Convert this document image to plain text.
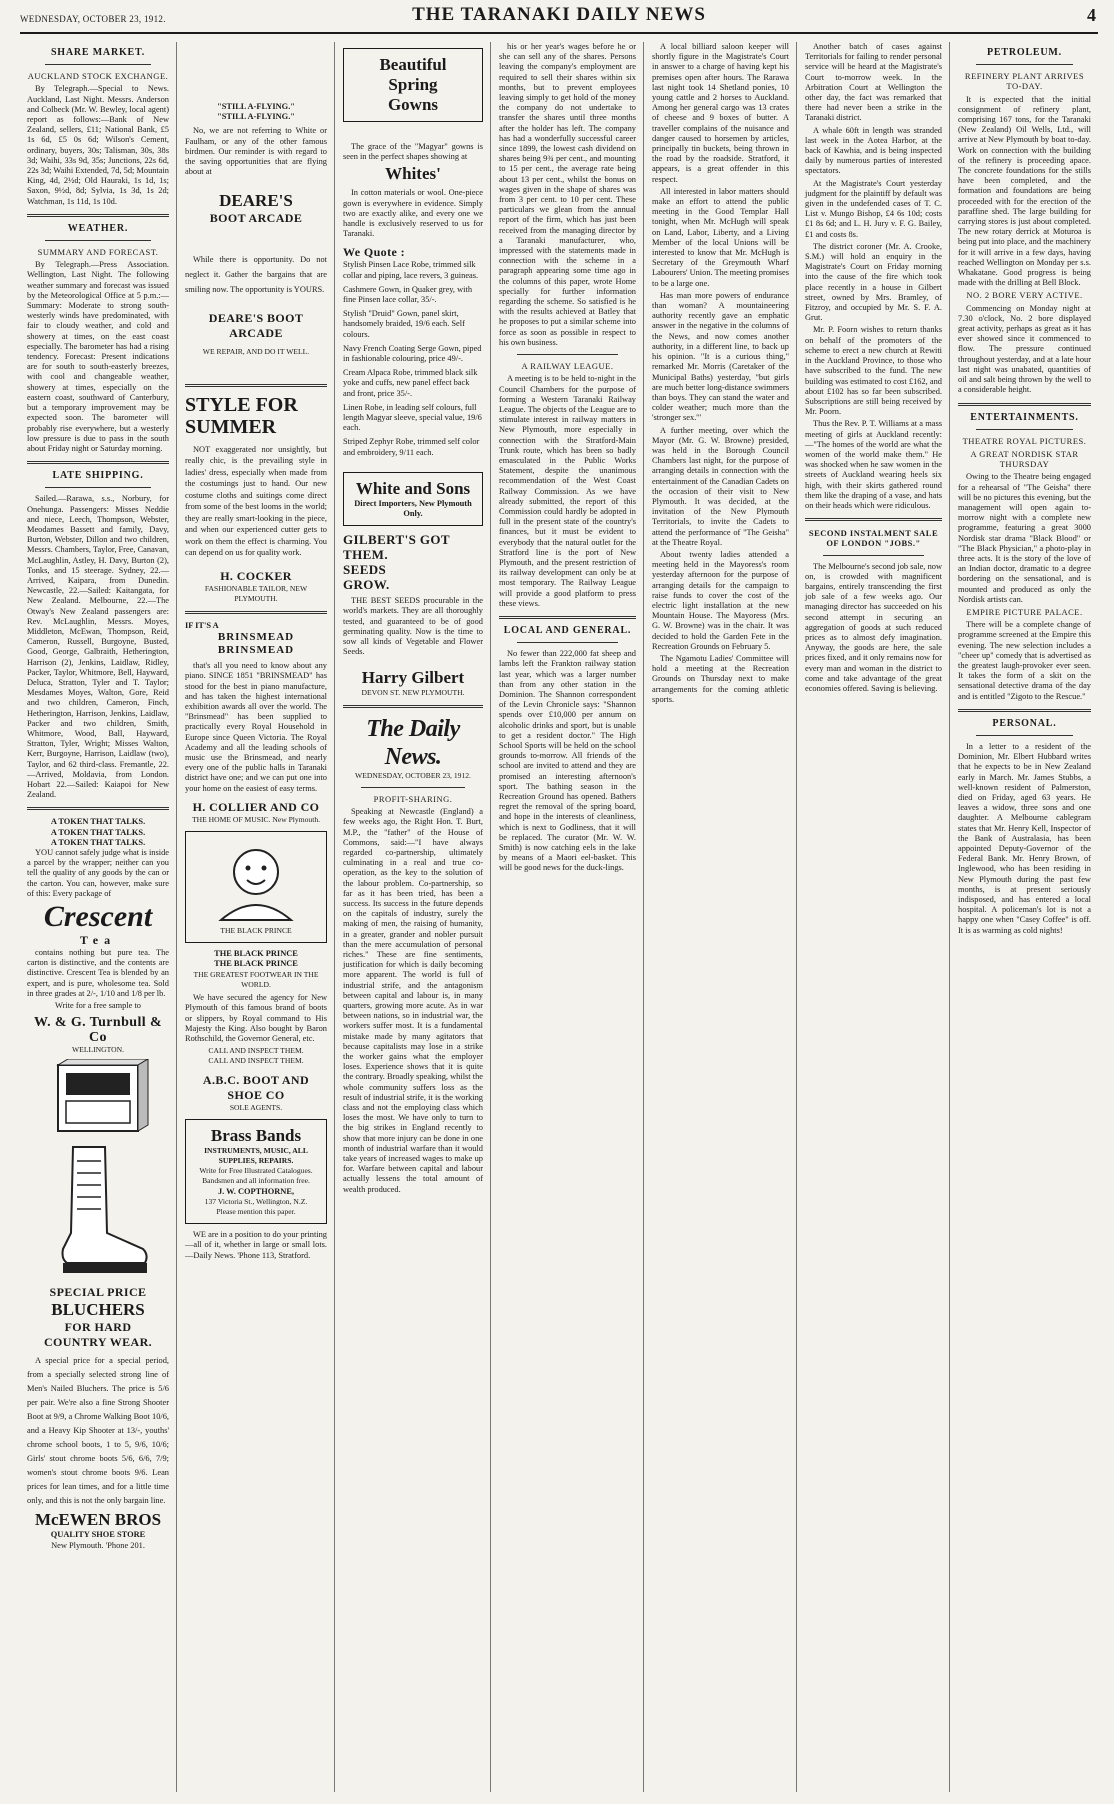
WEDNESDAY, OCTOBER 23, 1912.	THE TARANAKI DAILY NEWS	4
SHARE MARKET.
AUCKLAND STOCK EXCHANGE.

By Telegraph.—Special to News. Auckland, Last Night. Messrs. Anderson and Colbeck (Mr. W. Bewley, local agent) report as follows:—Bank of New Zealand, sellers, £11; National Bank, £5 1s 6d, £5 0s 6d; Wilson's Cement, ordinary, buyers, 30s; Talisman, 30s, 38s 3d; Waihi, 33s 9d, 35s; Junctions, 22s 6d, 22s 3d; Waihi Extended, 7d, 5d; Mountain King, 4d, 2½d; Old Hauraki, 1s 1d, 1s; Saxon, 9½d, 8d; Sylvia, 1s 3d, 1s 2d; Watchman, 1s 11d, 1s 10d.

WEATHER.
SUMMARY AND FORECAST.

By Telegraph.—Press Association. Wellington, Last Night. The following weather summary and forecast was issued by the Meteorological Office at 5 p.m.:—Summary: Moderate to strong south-westerly winds have predominated, with fair to cloudy weather, and cold and showery at times, on the east coast especially. The barometer has had a rising tendency. Forecast: Present indications are for south to south-easterly breezes, with cool and changeable weather, showery at times, especially on the eastern coast, southward of Canterbury, but a temporary improvement may be expected soon. The barometer will probably rise everywhere, but a westerly low pressure is due to pass in the south about Friday night or Saturday morning.

LATE SHIPPING.

Sailed.—Rarawa, s.s., Norbury, for Onehunga. Passengers: Misses Neddie and niece, Leech, Thompson, Webster, Meodames Bassett and family, Davy, Burton, Webster, Dillon and two children, Messrs. Chambers, Taylor, Free, Canavan, McLaughlin, Astley, H. Davy, Burton (2), Tonks, and 15 steerage. Sydney, 22.—Arrived, Kaipara, from Dunedin. Newcastle, 22.—Sailed: Kaitangata, for New Zealand. Melbourne, 22.—The Otway's New Zealand passengers are: Rev. McLaughlin, Messrs. Moyes, Middleton, McEwan, Thompson, Reid, Cameron, Russell, Burgoyne, Busted, Good, George, Galbraith, Hetherington, Harrison (2), Jenkins, Laidlaw, Ridley, Packer, Taylor, Whitmore, Bell, Hayward, Deluca, Stratton, Tyler and T. Taylor; Mesdames Moyes, Walton, Gore, Reid and two children, Cameron, Finch, Hetherington, Harrison, Jenkins, Laidlaw, Packer and two children, Smith, Whitmore, Wood, Ball, Hayward, Stratton, Tyler, Wright; Misses Walton, Kerr, Burgoyne, Harrison, Laidlaw (two), Taylor, and 62 third-class. Fremantle, 22.—Arrived, Moldavia, from London. Hobart 22.—Sailed: Kaiapoi for New Zealand.

A TOKEN THAT TALKS.
A TOKEN THAT TALKS.
A TOKEN THAT TALKS.

YOU cannot safely judge what is inside a parcel by the wrapper; neither can you tell the quality of any goods by the can or the carton. You can, however, make sure of this: Every package of

Crescent
Tea

contains nothing but pure tea. The carton is distinctive, and the contents are distinctive. Crescent Tea is blended by an expert, and is pure, wholesome tea. Sold in three grades at 2/-, 1/10 and 1/8 per lb.

Write for a free sample to
W. & G. Turnbull & Co
WELLINGTON.
SPECIAL PRICE
BLUCHERS
FOR HARD
COUNTRY WEAR.

A special price for a special period, from a specially selected strong line of Men's Nailed Bluchers. The price is 5/6 per pair. We're also a fine Strong Shooter Boot at 9/9, a Chrome Walking Boot 10/6, and a Heavy Kip Shooter at 13/-, youths' chrome school boots, 1 to 5, 9/6, 10/6; Girls' stout chrome boots 5/6, 6/6, 7/9; women's stout chrome boots 9/6. Lean prices for lean times, and for a little time only, and this is not the only bargain line.

McEWEN BROS
QUALITY SHOE STORE
New Plymouth. 'Phone 201.
"STILL A-FLYING."
"STILL A-FLYING."

No, we are not referring to White or Faulham, or any of the other famous birdmen. Our reminder is with regard to the saving opportunities that are flying about at

DEARE'S
BOOT ARCADE

While there is opportunity. Do not neglect it. Gather the bargains that are smiling now. The opportunity is YOURS.

DEARE'S BOOT ARCADE
WE REPAIR, AND DO IT WELL.
STYLE FOR
SUMMER

NOT exaggerated nor unsightly, but really chic, is the prevailing style in ladies' dress, especially when made from the costumings just to hand. Our new costume cloths and suitings come direct from some of the best looms in the world; they are really smart-looking in the piece, and when our experienced cutter gets to work on them the effect is charming. You can depend on us for quality work.

H. COCKER
FASHIONABLE TAILOR, NEW PLYMOUTH.
IF IT'S A
BRINSMEAD
BRINSMEAD

that's all you need to know about any piano. SINCE 1851 "BRINSMEAD" has stood for the best in piano manufacture, and has taken the highest international exhibition awards all over the world. The "Brinsmead" has been supplied to practically every Royal Household in Europe since Queen Victoria. The Royal Academy and all the leading schools of music use the Brinsmead, and nearly every one of the public halls in Taranaki district have one; and we can put one into your home on the easiest of easy terms.

H. COLLIER AND CO
THE HOME OF MUSIC. New Plymouth.
THE BLACK PRINCE
THE BLACK PRINCE
THE BLACK PRINCE
THE GREATEST FOOTWEAR IN THE WORLD.

We have secured the agency for New Plymouth of this famous brand of boots or slippers, by Royal command to His Majesty the King. Also bought by Baron Rothschild, the Governor General, etc.

CALL AND INSPECT THEM.
CALL AND INSPECT THEM.
A.B.C. BOOT AND SHOE CO
SOLE AGENTS.
Brass Bands
INSTRUMENTS, MUSIC, ALL SUPPLIES, REPAIRS.
Write for Free Illustrated Catalogues. Bandsmen and all information free.
J. W. COPTHORNE,
137 Victoria St., Wellington, N.Z.
Please mention this paper.

WE are in a position to do your printing—all of it, whether in large or small lots.—Daily News. 'Phone 113, Stratford.

Beautiful
Spring
Gowns

The grace of the "Magyar" gowns is seen in the perfect shapes showing at

Whites'

In cotton materials or wool. One-piece gown is everywhere in evidence. Simply two are exactly alike, and every one we handle is exclusively reserved to us for Taranaki.

We Quote :
Stylish Pinsen Lace Robe, trimmed silk collar and piping, lace revers, 3 guineas.
Cashmere Gown, in Quaker grey, with fine Pinsen lace collar, 35/-.
Stylish "Druid" Gown, panel skirt, handsomely braided, 19/6 each. Self colours.
Navy French Coating Serge Gown, piped in fashionable colouring, price 49/-.
Cream Alpaca Robe, trimmed black silk yoke and cuffs, new panel effect back and front, price 35/-.
Linen Robe, in leading self colours, full length Magyar sleeve, special value, 19/6 each.
Striped Zephyr Robe, trimmed self color and embroidery, 9/11 each.
White and Sons
Direct Importers, New Plymouth Only.
GILBERT'S GOT THEM.
SEEDS
GROW.

THE BEST SEEDS procurable in the world's markets. They are all thoroughly tested, and guaranteed to be of good germinating quality. Now is the time to sow all kinds of Vegetable and Flower Seeds.

Harry Gilbert
DEVON ST. NEW PLYMOUTH.
The Daily News.
WEDNESDAY, OCTOBER 23, 1912.
PROFIT-SHARING.

Speaking at Newcastle (England) a few weeks ago, the Right Hon. T. Burt, M.P., the "father" of the House of Commons, said:—"I have always regarded co-partnership, ultimately culminating in a real and true co-operation, as the key to the solution of the labour problem. Co-partnership, so far as it has been tried, has been a success. Its success in the future depends on the capitals of industry, surely the making of men, the raising of humanity, in a greater, grander and nobler pursuit than the mere accumulation of personal riches." These are fine sentiments, justification for which is daily becoming more apparent. The world is full of industrial strife, and the antagonism between capital and labour is, in many quarters, growing more acute. As in war between nations, so in industrial war, the workers suffer most. It is a fundamental mistake made by many agitators that because capitalists may lose in a strike the worker gains what the employer loses. Experience shows that it is quite the contrary. Broadly speaking, whilst the whole community suffers loss as the result of industrial strife, it is the working class and not the employing class which loses the most. We have only to turn to the big strikes in England recently to show that more injury can be done in one month of industrial warfare than it would take years of increased wages to make up for. Warfare between capital and labour actually lessens the total amount of wealth produced.

his or her year's wages before he or she can sell any of the shares. Persons leaving the company's employment are required to sell their shares within six months, but to prevent employees leaving simply to get hold of the money the company do not undertake to transfer the shares until three months after the holder has left. The company has had a wonderfully successful career since 1899, the lowest cash dividend on shares being 9¾ per cent., and mounting to 15 per cent., the average rate being about 13 per cent., whilst the bonus on wages given in the shape of shares was from 3 per cent. to 10 per cent. These particulars we glean from the annual report of the firm, which has just been received from the managing director by a Taranaki manufacturer, who, impressed with the statements made in connection with the scheme in a paragraph appearing some time ago in the columns of this paper, wrote Home specially for further information regarding the scheme. So satisfied is he with the results achieved at Batley that he proposes to put a similar scheme into force as soon as possible in respect to his own business.

A RAILWAY LEAGUE.

A meeting is to be held to-night in the Council Chambers for the purpose of forming a Western Taranaki Railway League. The objects of the League are to stimulate interest in railway matters in New Plymouth, more especially in connection with the Stratford-Main Trunk route, which has been so badly emasculated in the Public Works Statement, despite the unanimous recommendation of the West Coast Railway Commission. As we have already submitted, the report of this Commission could hardly be adopted in full in the present state of the country's finances, but it must be evident to everybody that the natural outlet for the Stratford line is the port of New Plymouth, and the present restriction of its railway development can only be at most temporary. The Railway League will provide a good platform to press these views.

LOCAL AND GENERAL.

No fewer than 222,000 fat sheep and lambs left the Frankton railway station last year, which was a larger number than from any other station in the Dominion. The Shannon correspondent of the Levin Chronicle says: "Shannon spends over £10,000 per annum on alcoholic drinks and sport, but is unable to get a resident doctor." The High School Sports will be held on the school grounds to-morrow. All friends of the school are invited to attend and they are promised an interesting afternoon's sport. The bathing season in the Recreation Ground has opened. Bathers regret the removal of the spring board, and hope in the interests of cleanliness, which is next to Godliness, that it will be replaced. The curator (Mr. W. W. Smith) is now catching eels in the lake by means of a Maori eel-basket. This will be good news for the duck-lings.

A local billiard saloon keeper will shortly figure in the Magistrate's Court in answer to a charge of having kept his premises open after hours. The Rarawa last night took 14 Shetland ponies, 10 young cattle and 2 horses to Auckland. Among her general cargo was 13 crates of cheese and 9 boxes of butter. A traveller complains of the nuisance and danger caused to horsemen by articles, principally tin buckets, being thrown in the road by the roadside. Stratford, it appears, is a great offender in this respect.

All interested in labor matters should make an effort to attend the public meeting in the Good Templar Hall tonight, when Mr. McHugh will speak on Land, Labor, Liberty, and a Living Member of the local Unions will be interested to know that Mr. McHugh is Secretary of the Greymouth Wharf Labourers' Union. The meeting promises to be a large one.

Has man more powers of endurance than woman? A mountaineering authority recently gave an emphatic answer in the negative in the columns of the News, and now comes another authority, in a different line, to back up his opinion. "It is a curious thing," remarked Mr. Morris (Caretaker of the Municipal Baths) yesterday, "but girls are much better long-distance swimmers than boys. They can stand the water and colder weather; much more than the 'stronger sex.'"

A further meeting, over which the Mayor (Mr. G. W. Browne) presided, was held in the Borough Council Chambers last night, for the purpose of arranging details in connection with the entertainment of the Canadian Cadets on the occasion of their visit to New Plymouth. It was decided, at the invitation of the New Plymouth Territorials, to invite the Cadets to attend the performance of "The Geisha" at the Theatre Royal.

About twenty ladies attended a meeting held in the Mayoress's room yesterday afternoon for the purpose of arranging details for the campaign to raise funds to cover the cost of the electric light installation at the new Mountain House. The Mayoress (Mrs. G. W. Browne) was in the chair. It was decided to hold the Garden Fete in the Recreation Grounds on February 5.

The Ngamotu Ladies' Committee will hold a meeting at the Recreation Grounds on Thursday next to make arrangements for the coming athletic sports.

Another batch of cases against Territorials for failing to render personal service will be heard at the Magistrate's Court to-morrow week. In the Arbitration Court at Wellington the other day, the fact was remarked that there had never been a strike in the Taranaki district.

A whale 60ft in length was stranded last week in the Aotea Harbor, at the back of Kawhia, and is being inspected daily by numerous parties of interested spectators.

At the Magistrate's Court yesterday judgment for the plaintiff by default was given in the undefended cases of T. C. List v. Mungo Bishop, £4 6s 10d; costs £1 8s 6d; and L. H. Jury v. F. G. Bailey, £1 and costs 8s.

The district coroner (Mr. A. Crooke, S.M.) will hold an enquiry in the Magistrate's Court on Friday morning into the cause of the fire which took place recently in a house in Gilbert street, owned by Mrs. Bramley, of Fitzroy, and occupied by Mr. S. F. A. Grut.

Mr. P. Foorn wishes to return thanks on behalf of the promoters of the scheme to erect a new church at Rewiti in the Auckland Province, to those who have subscribed to the fund. The new building was estimated to cost £162, and about £102 has so far been subscribed. Subscriptions are still being received by Mr. Poorn.

Thus the Rev. P. T. Williams at a mass meeting of girls at Auckland recently:—"The homes of the world are what the women of the world make them." He was shocked when he saw women in the streets of Auckland wearing heels six high, with their skirts gathered round them like the draping of a vase, and hats on their heads which were ridiculous.

SECOND INSTALMENT SALE OF LONDON "JOBS."

The Melbourne's second job sale, now on, is crowded with magnificent bargains, entirely transcending the first job sale of a few weeks ago. Our managing director has succeeded on his second attempt in securing an aggregation of goods at such reduced prices as to almost defy imagination. Anyway, the goods are here, the sale prices fixed, and it only remains now for every man and woman in the district to come and take advantage of the great economies offered. Saving is believing.

PETROLEUM.
REFINERY PLANT ARRIVES TO-DAY.

It is expected that the initial consignment of refinery plant, comprising 167 tons, for the Taranaki (New Zealand) Oil Wells, Ltd., will arrive at New Plymouth by boat to-day. Work on connection with the building of the refinery is proceeding apace. The concrete foundations for the stills have been completed, and the formation and foundations are being proceeded with for the erection of the paraffine shed. The large building for carrying stores is just about completed. The new rotary derrick at Moturoa is being put into place, and the machinery for it will arrive in a few days, having reached Wellington on Monday per s.s. Whakatane. Good progress is being made with the drilling at Bell Block.

NO. 2 BORE VERY ACTIVE.

Commencing on Monday night at 7.30 o'clock, No. 2 bore displayed great activity, perhaps as great as it has ever showed since it commenced to flow. The pressure continued throughout yesterday, and at a late hour last night was unabated, quantities of oil and salt being thrown by the well to a considerable height.

ENTERTAINMENTS.
THEATRE ROYAL PICTURES.
A GREAT NORDISK STAR THURSDAY

Owing to the Theatre being engaged for a rehearsal of "The Geisha" there will be no pictures this evening, but the management will open again to-morrow night with a complete new programme, featuring a great 3000 Nordisk star drama "Black Blood" or "The Black Physician," a photo-play in three acts. It is the story of the love of an Indian doctor, dramatic to a degree bordering on the sensational, and is mounted and produced as only the Nordisk artists can.

EMPIRE PICTURE PALACE.

There will be a complete change of programme screened at the Empire this evening. The new selection includes a "cheer up" comedy that is advertised as the greatest laugh-provoker ever seen. It takes the form of a skit on the sensational detective drama of the day and is entitled "Zigoto to the Rescue."

PERSONAL.

In a letter to a resident of the Dominion, Mr. Elbert Hubbard writes that he expects to be in New Zealand early in March. Mr. James Stubbs, a well-known resident of Palmerston, died on Friday, aged 63 years. He leaves a widow, three sons and one daughter. A Melbourne cablegram states that Mr. Henry Kell, Inspector of the Bank of Australasia, has been appointed Deputy-Governor of the Federal Bank. Mr. Henry Brown, of Inglewood, who has been residing in New Plymouth during the past few months, is at present seriously indisposed, and has entered a local hospital. A policeman's lot is not a happy one when "Casey Coffee" is off. It is as warming as cold nights!
